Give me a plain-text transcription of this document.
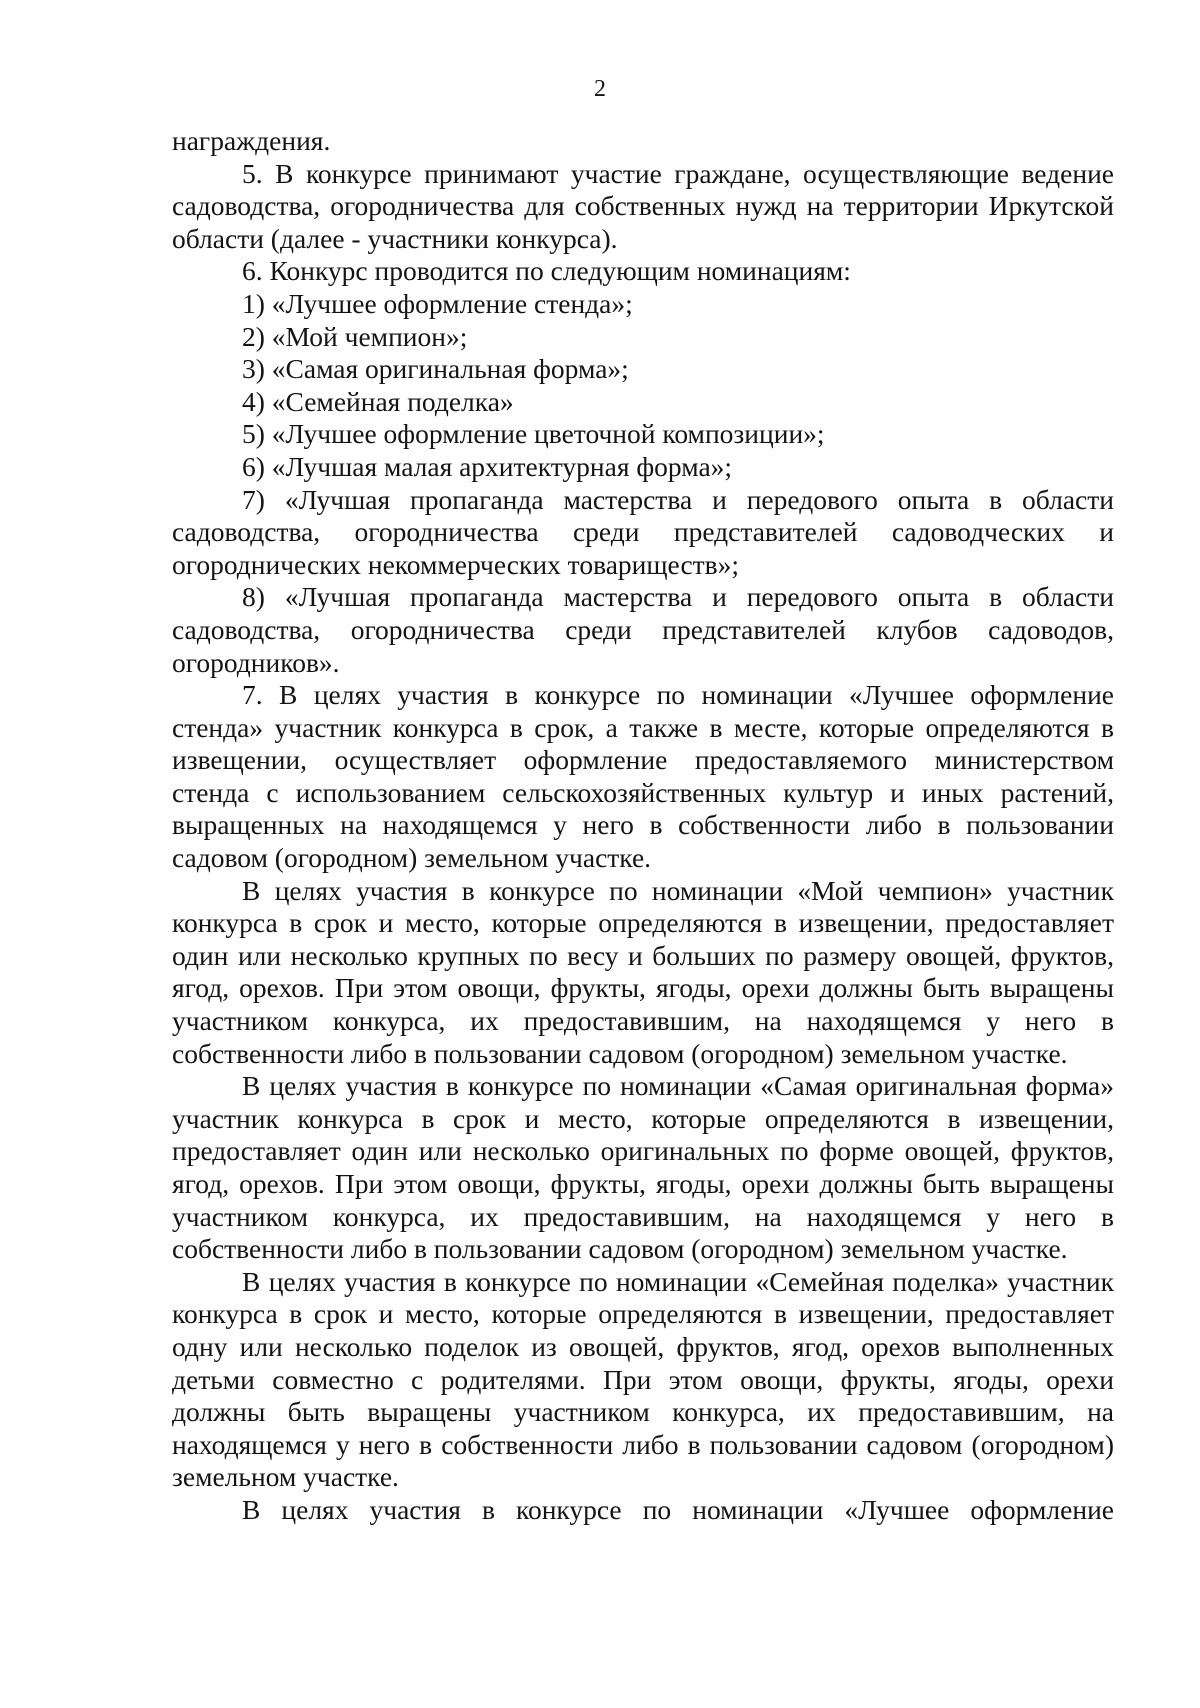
2

награждения.

5. В конкурсе принимают участие граждане, осуществляющие ведение садоводства, огородничества для собственных нужд на территории Иркутской области (далее - участники конкурса).

6. Конкурс проводится по следующим номинациям:

1) «Лучшее оформление стенда»;

2) «Мой чемпион»;

3) «Самая оригинальная форма»;

4) «Семейная поделка»

5) «Лучшее оформление цветочной композиции»;

6) «Лучшая малая архитектурная форма»;

7) «Лучшая пропаганда мастерства и передового опыта в области садоводства, огородничества среди представителей садоводческих и огороднических некоммерческих товариществ»;

8) «Лучшая пропаганда мастерства и передового опыта в области садоводства, огородничества среди представителей клубов садоводов, огородников».

7. В целях участия в конкурсе по номинации «Лучшее оформление стенда» участник конкурса в срок, а также в месте, которые определяются в извещении, осуществляет оформление предоставляемого министерством стенда с использованием сельскохозяйственных культур и иных растений, выращенных на находящемся у него в собственности либо в пользовании садовом (огородном) земельном участке.

В целях участия в конкурсе по номинации «Мой чемпион» участник конкурса в срок и место, которые определяются в извещении, предоставляет один или несколько крупных по весу и больших по размеру овощей, фруктов, ягод, орехов. При этом овощи, фрукты, ягоды, орехи должны быть выращены участником конкурса, их предоставившим, на находящемся у него в собственности либо в пользовании садовом (огородном) земельном участке.

В целях участия в конкурсе по номинации «Самая оригинальная форма» участник конкурса в срок и место, которые определяются в извещении, предоставляет один или несколько оригинальных по форме овощей, фруктов, ягод, орехов. При этом овощи, фрукты, ягоды, орехи должны быть выращены участником конкурса, их предоставившим, на находящемся у него в собственности либо в пользовании садовом (огородном) земельном участке.

В целях участия в конкурсе по номинации «Семейная поделка» участник конкурса в срок и место, которые определяются в извещении, предоставляет одну или несколько поделок из овощей, фруктов, ягод, орехов выполненных детьми совместно с родителями. При этом овощи, фрукты, ягоды, орехи должны быть выращены участником конкурса, их предоставившим, на находящемся у него в собственности либо в пользовании садовом (огородном) земельном участке.

В целях участия в конкурсе по номинации «Лучшее оформление
